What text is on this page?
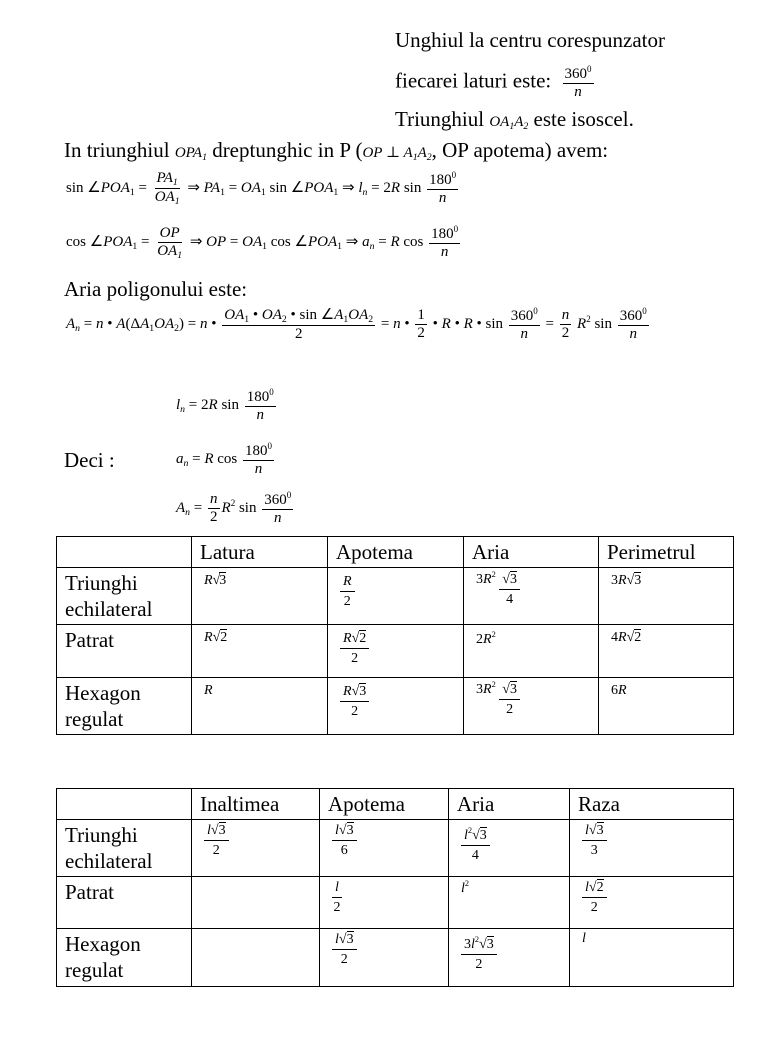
Unghiul la centru corespunzator
fiecarei laturi este: $\frac{360^0}{n}$
Triunghiul $OA_1A_2$ este isoscel.
In triunghiul $OPA_1$ dreptunghic in P (OP ⊥ $A_1A_2$, OP apotema) avem:
$\sin \angle POA_1 = \frac{PA_1}{OA_1}$ ⇒ $PA_1 = OA_1$ $\sin \angle POA_1$ ⇒ $l_n = 2R$ $\sin \frac{180^0}{n}$
$\cos \angle POA_1 = \frac{OP}{OA_1}$ ⇒ OP = $OA_1$ $\cos \angle POA_1$ ⇒ $a_n = R$ $\cos \frac{180^0}{n}$
Aria poligonului este:
$A_n = n$ • $A(\Delta A_1OA_2) = n$ • $\frac{OA_1 • OA_2 • \sin \angle A_1OA_2}{2} = n$ • $\frac{1}{2}$ • R • R • $\sin \frac{360^0}{n} = \frac{n}{2} R^2$ $\sin \frac{360^0}{n}$
Deci :
$l_n = 2R$ $\sin \frac{180^0}{n}$
$a_n = R$ $\cos \frac{180^0}{n}$
$A_n = \frac{n}{2} R^2$ $\sin \frac{360^0}{n}$
	Latura	Apotema	Aria	Perimetrul
Triunghi echilateral	R√3	$\frac{R}{2}$	$3R^2 \frac{√3}{4}$	3R√3
Patrat	R√2	$\frac{R√2}{2}$	$2R^2$	4R√2
Hexagon regulat	R	$\frac{R√3}{2}$	$3R^2 \frac{√3}{2}$	6R
	Inaltimea	Apotema	Aria	Raza
Triunghi echilateral	$\frac{l√3}{2}$	$\frac{l√3}{6}$	$\frac{l^2√3}{4}$	$\frac{l√3}{3}$

Patrat		$\frac{l}{2}$	$l^2$	$\frac{l√2}{2}$

Hexagon regulat		$\frac{l√3}{2}$	$\frac{3l^2√3}{2}$	l
